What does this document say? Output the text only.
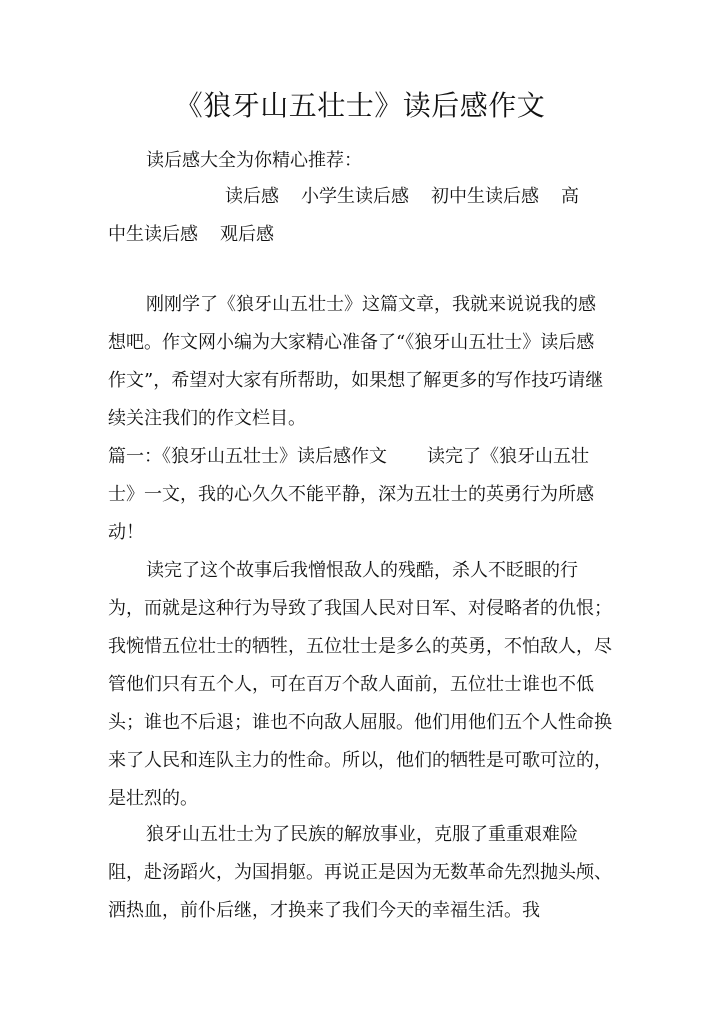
《狼牙山五壮士》读后感作文

读后感大全为你精心推荐：

读后感 小学生读后感 初中生读后感 高
中生读后感 观后感

刚刚学了《狼牙山五壮士》这篇文章，我就来说说我的感想吧。作文网小编为大家精心准备了“《狼牙山五壮士》读后感作文”，希望对大家有所帮助，如果想了解更多的写作技巧请继续关注我们的作文栏目。

篇一：《狼牙山五壮士》读后感作文 读完了《狼牙山五壮士》一文，我的心久久不能平静，深为五壮士的英勇行为所感动！

读完了这个故事后我憎恨敌人的残酷，杀人不眨眼的行为，而就是这种行为导致了我国人民对日军、对侵略者的仇恨；我惋惜五位壮士的牺牲，五位壮士是多么的英勇，不怕敌人，尽管他们只有五个人，可在百万个敌人面前，五位壮士谁也不低头；谁也不后退；谁也不向敌人屈服。他们用他们五个人性命换来了人民和连队主力的性命。所以，他们的牺牲是可歌可泣的，是壮烈的。

狼牙山五壮士为了民族的解放事业，克服了重重艰难险阻，赴汤蹈火，为国捐躯。再说正是因为无数革命先烈抛头颅、洒热血，前仆后继，才换来了我们今天的幸福生活。我
